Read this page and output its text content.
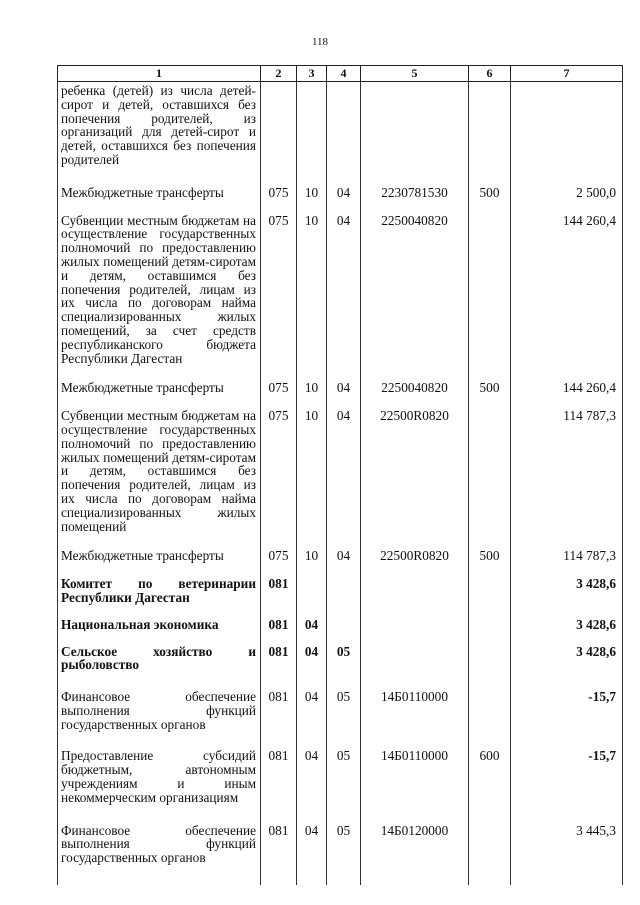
118
1	2	3	4	5	6	7
ребенка (детей) из числа детей-сирот и детей, оставшихся без попечения родителей, из организаций для детей-сирот и детей, оставшихся без попечения родителей						
Межбюджетные трансферты	075	10	04	2230781530	500	2 500,0
Субвенции местным бюджетам на осуществление государственных полномочий по предоставлению жилых помещений детям-сиротам и детям, оставшимся без попечения родителей, лицам из их числа по договорам найма специализированных жилых помещений, за счет средств республиканского бюджета Республики Дагестан	075	10	04	2250040820		144 260,4
Межбюджетные трансферты	075	10	04	2250040820	500	144 260,4
Субвенции местным бюджетам на осуществление государственных полномочий по предоставлению жилых помещений детям-сиротам и детям, оставшимся без попечения родителей, лицам из их числа по договорам найма специализированных жилых помещений	075	10	04	22500R0820		114 787,3
Межбюджетные трансферты	075	10	04	22500R0820	500	114 787,3
Комитет по ветеринарии Республики Дагестан	081					3 428,6
Национальная экономика	081	04				3 428,6
Сельское хозяйство и рыболовство	081	04	05			3 428,6
Финансовое обеспечение выполнения функций государственных органов	081	04	05	14Б0110000		-15,7
Предоставление субсидий бюджетным, автономным учреждениям и иным некоммерческим организациям	081	04	05	14Б0110000	600	-15,7
Финансовое обеспечение выполнения функций государственных органов	081	04	05	14Б0120000		3 445,3
